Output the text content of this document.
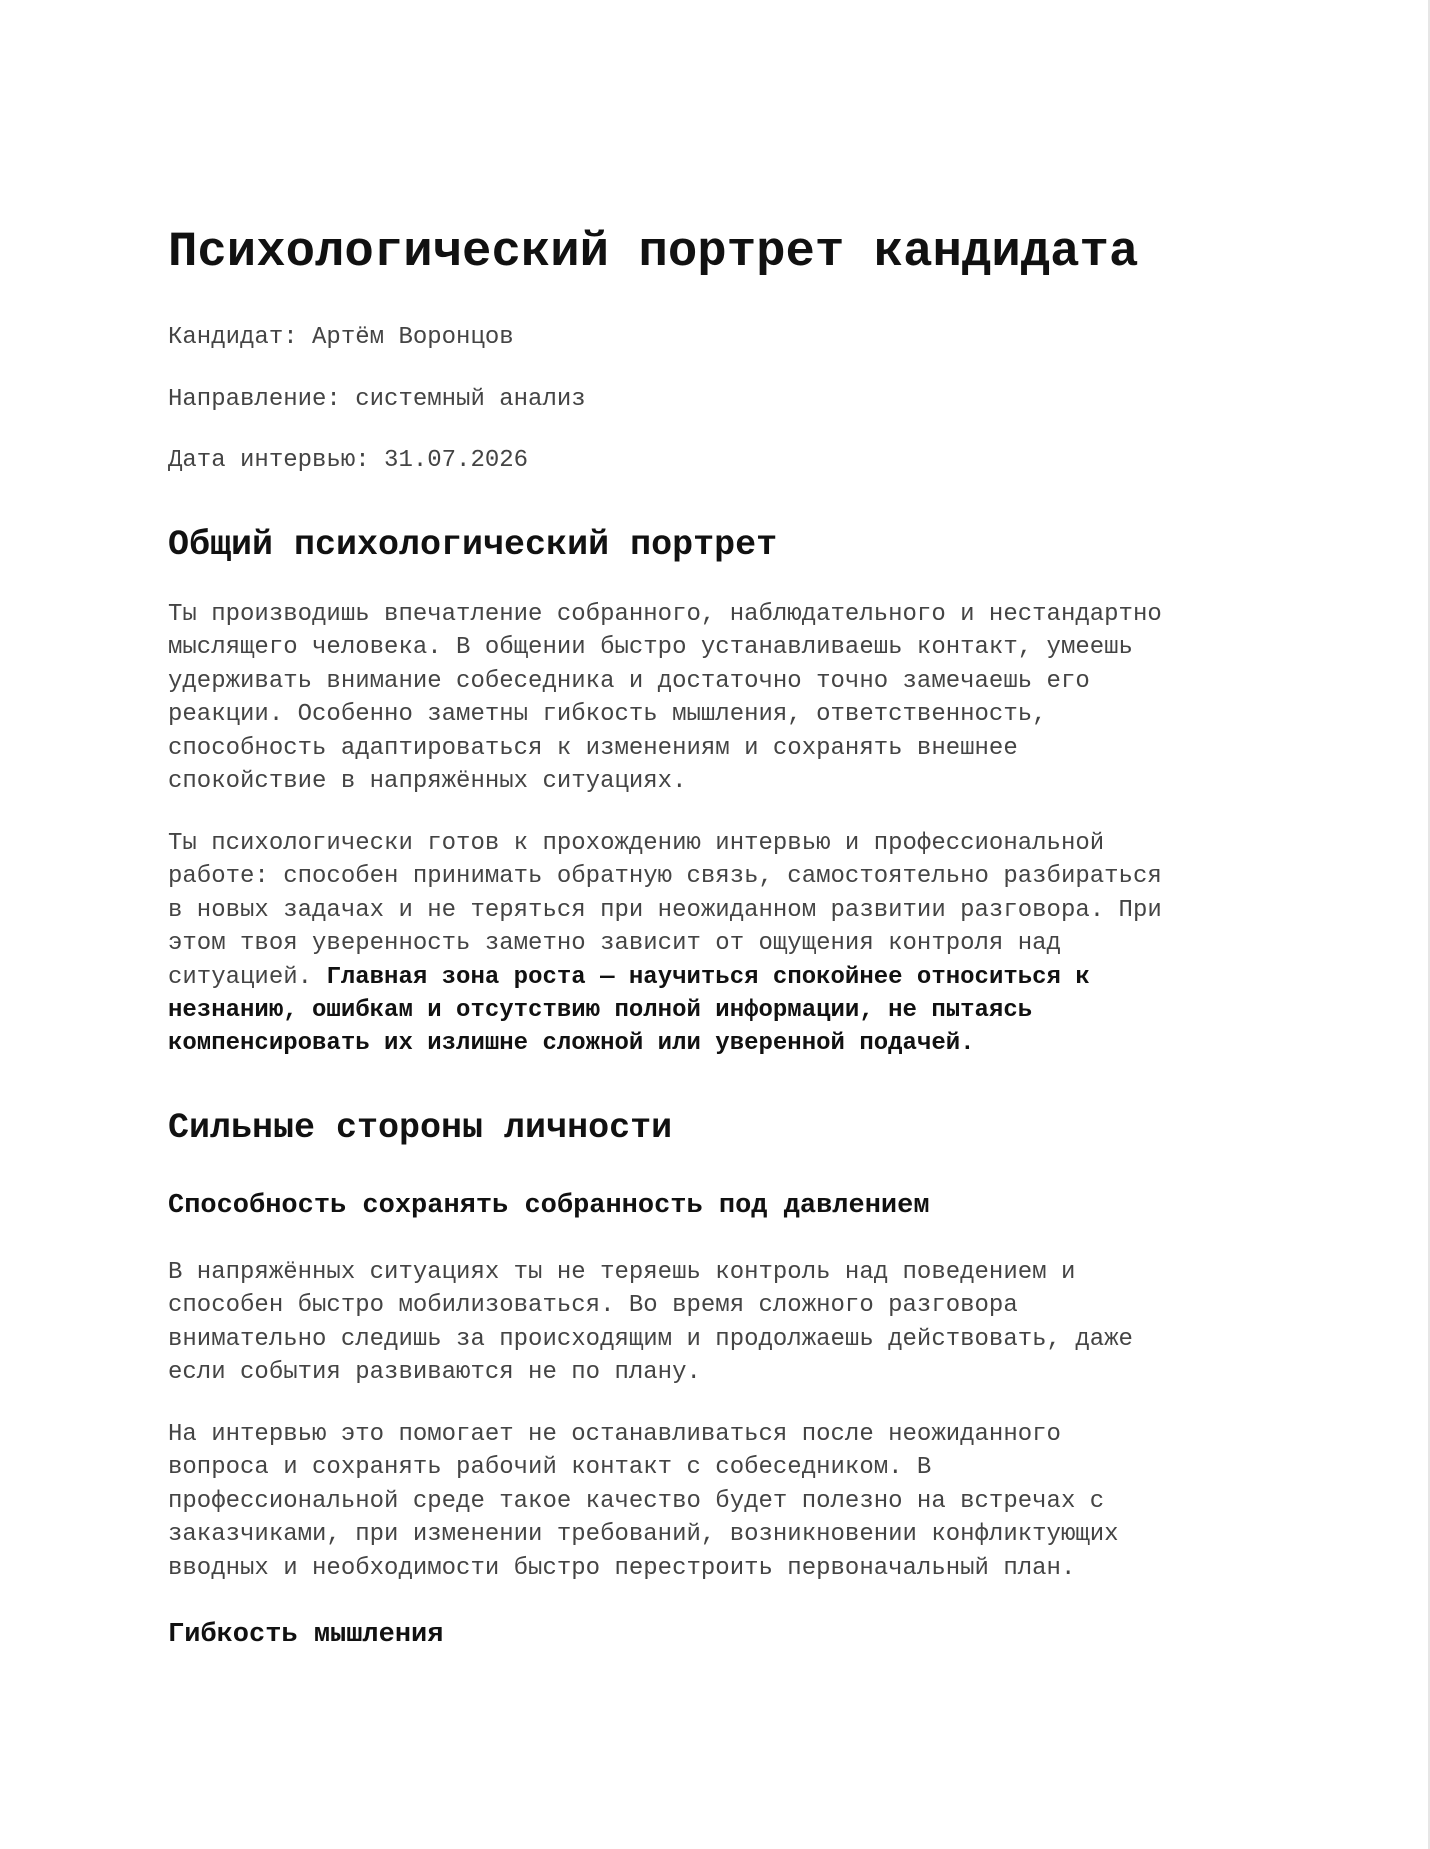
Психологический портрет кандидата

Кандидат: Артём Воронцов

Направление: системный анализ

Дата интервью: 31.07.2026

Общий психологический портрет
Ты производишь впечатление собранного, наблюдательного и нестандартно
мыслящего человека. В общении быстро устанавливаешь контакт, умеешь
удерживать внимание собеседника и достаточно точно замечаешь его
реакции. Особенно заметны гибкость мышления, ответственность,
способность адаптироваться к изменениям и сохранять внешнее
спокойствие в напряжённых ситуациях.
Ты психологически готов к прохождению интервью и профессиональной
работе: способен принимать обратную связь, самостоятельно разбираться
в новых задачах и не теряться при неожиданном развитии разговора. При
этом твоя уверенность заметно зависит от ощущения контроля над
ситуацией. Главная зона роста — научиться спокойнее относиться к
незнанию, ошибкам и отсутствию полной информации, не пытаясь
компенсировать их излишне сложной или уверенной подачей.
Сильные стороны личности
Способность сохранять собранность под давлением
В напряжённых ситуациях ты не теряешь контроль над поведением и
способен быстро мобилизоваться. Во время сложного разговора
внимательно следишь за происходящим и продолжаешь действовать, даже
если события развиваются не по плану.
На интервью это помогает не останавливаться после неожиданного
вопроса и сохранять рабочий контакт с собеседником. В
профессиональной среде такое качество будет полезно на встречах с
заказчиками, при изменении требований, возникновении конфликтующих
вводных и необходимости быстро перестроить первоначальный план.
Гибкость мышления
